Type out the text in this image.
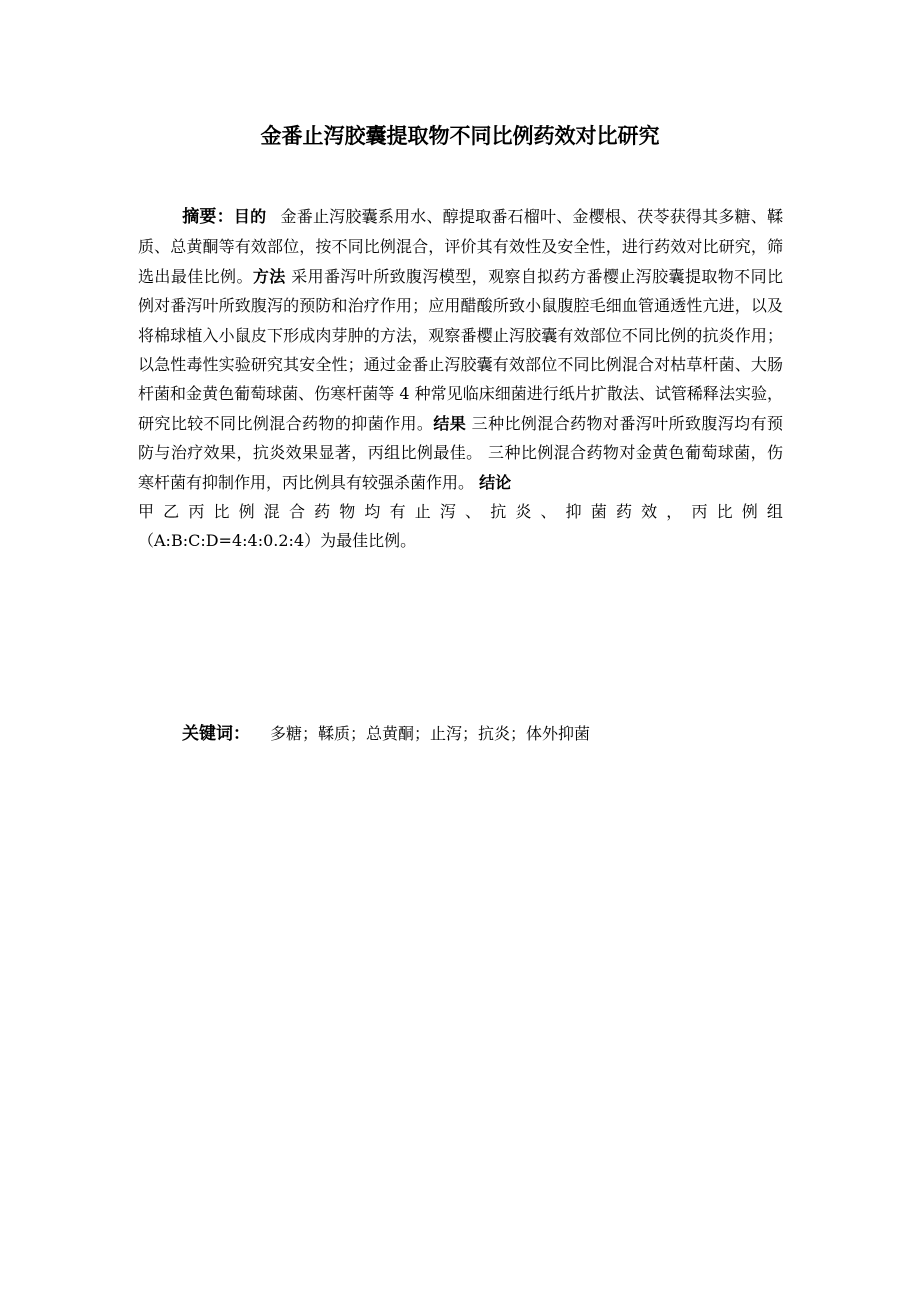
金番止泻胶囊提取物不同比例药效对比研究
摘要：目的 金番止泻胶囊系用水、醇提取番石榴叶、金樱根、茯苓获得其多糖、鞣质、总黄酮等有效部位，按不同比例混合，评价其有效性及安全性，进行药效对比研究，筛选出最佳比例。方法 采用番泻叶所致腹泻模型，观察自拟药方番樱止泻胶囊提取物不同比例对番泻叶所致腹泻的预防和治疗作用；应用醋酸所致小鼠腹腔毛细血管通透性亢进，以及将棉球植入小鼠皮下形成肉芽肿的方法，观察番樱止泻胶囊有效部位不同比例的抗炎作用；以急性毒性实验研究其安全性；通过金番止泻胶囊有效部位不同比例混合对枯草杆菌、大肠杆菌和金黄色葡萄球菌、伤寒杆菌等 4 种常见临床细菌进行纸片扩散法、试管稀释法实验，研究比较不同比例混合药物的抑菌作用。结果 三种比例混合药物对番泻叶所致腹泻均有预防与治疗效果，抗炎效果显著，丙组比例最佳。 三种比例混合药物对金黄色葡萄球菌，伤寒杆菌有抑制作用，丙比例具有较强杀菌作用。 结论
甲 乙 丙 比 例 混 合 药 物 均 有 止 泻 、 抗 炎 、 抑 菌 药 效 ， 丙 比 例 组
（A:B:C:D=4:4:0.2:4）为最佳比例。

关键词： 多糖；鞣质；总黄酮；止泻；抗炎；体外抑菌
